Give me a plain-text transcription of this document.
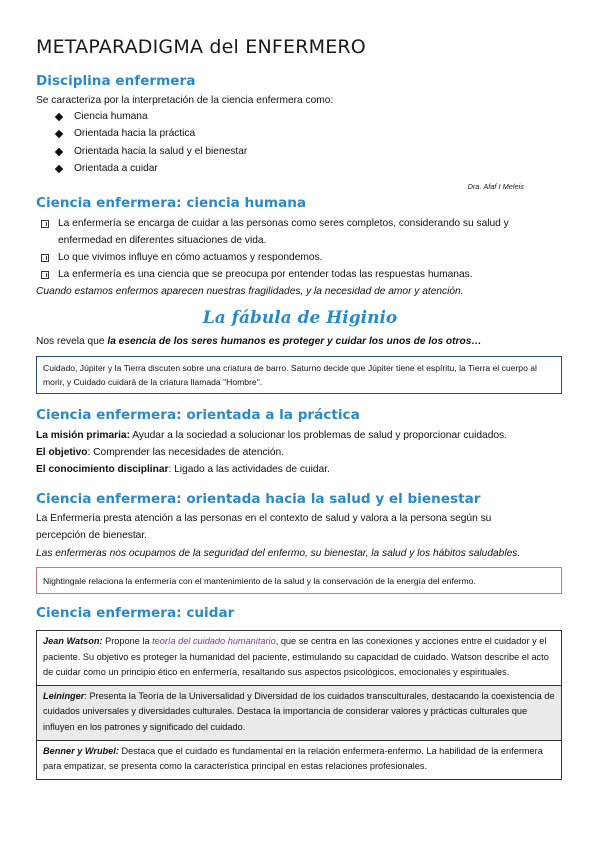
METAPARADIGMA del ENFERMERO
Disciplina enfermera

Se caracteriza por la interpretación de la ciencia enfermera como:

Ciencia humana
Orientada hacia la práctica
Orientada hacia la salud y el bienestar
Orientada a cuidar
Dra. Afaf I Meleis
Ciencia enfermera: ciencia humana
La enfermería se encarga de cuidar a las personas como seres completos, considerando su salud y enfermedad en diferentes situaciones de vida.
Lo que vivimos influye en cómo actuamos y respondemos.
La enfermería es una ciencia que se preocupa por entender todas las respuestas humanas.

Cuando estamos enfermos aparecen nuestras fragilidades, y la necesidad de amor y atención.

La fábula de Higinio

Nos revela que la esencia de los seres humanos es proteger y cuidar los unos de los otros…

Cuidado, Júpiter y la Tierra discuten sobre una criatura de barro. Saturno decide que Júpiter tiene el espíritu, la Tierra el cuerpo al morir, y Cuidado cuidará de la criatura llamada "Hombre".
Ciencia enfermera: orientada a la práctica

La misión primaria: Ayudar a la sociedad a solucionar los problemas de salud y proporcionar cuidados.

El objetivo: Comprender las necesidades de atención.

El conocimiento disciplinar: Ligado a las actividades de cuidar.

Ciencia enfermera: orientada hacia la salud y el bienestar

La Enfermería presta atención a las personas en el contexto de salud y valora a la persona según su percepción de bienestar.

Las enfermeras nos ocupamos de la seguridad del enfermo, su bienestar, la salud y los hábitos saludables.

Nightingale relaciona la enfermería con el mantenimiento de la salud y la conservación de la energía del enfermo.
Ciencia enfermera: cuidar
Jean Watson: Propone la teoría del cuidado humanitario, que se centra en las conexiones y acciones entre el cuidador y el paciente. Su objetivo es proteger la humanidad del paciente, estimulando su capacidad de cuidado. Watson describe el acto de cuidar como un principio ético en enfermería, resaltando sus aspectos psicológicos, emocionales y espirituales.
Leininger: Presenta la Teoría de la Universalidad y Diversidad de los cuidados transculturales, destacando la coexistencia de cuidados universales y diversidades culturales. Destaca la importancia de considerar valores y prácticas culturales que influyen en los patrones y significado del cuidado.
Benner y Wrubel: Destaca que el cuidado es fundamental en la relación enfermera-enfermo. La habilidad de la enfermera para empatizar, se presenta como la característica principal en estas relaciones profesionales.
